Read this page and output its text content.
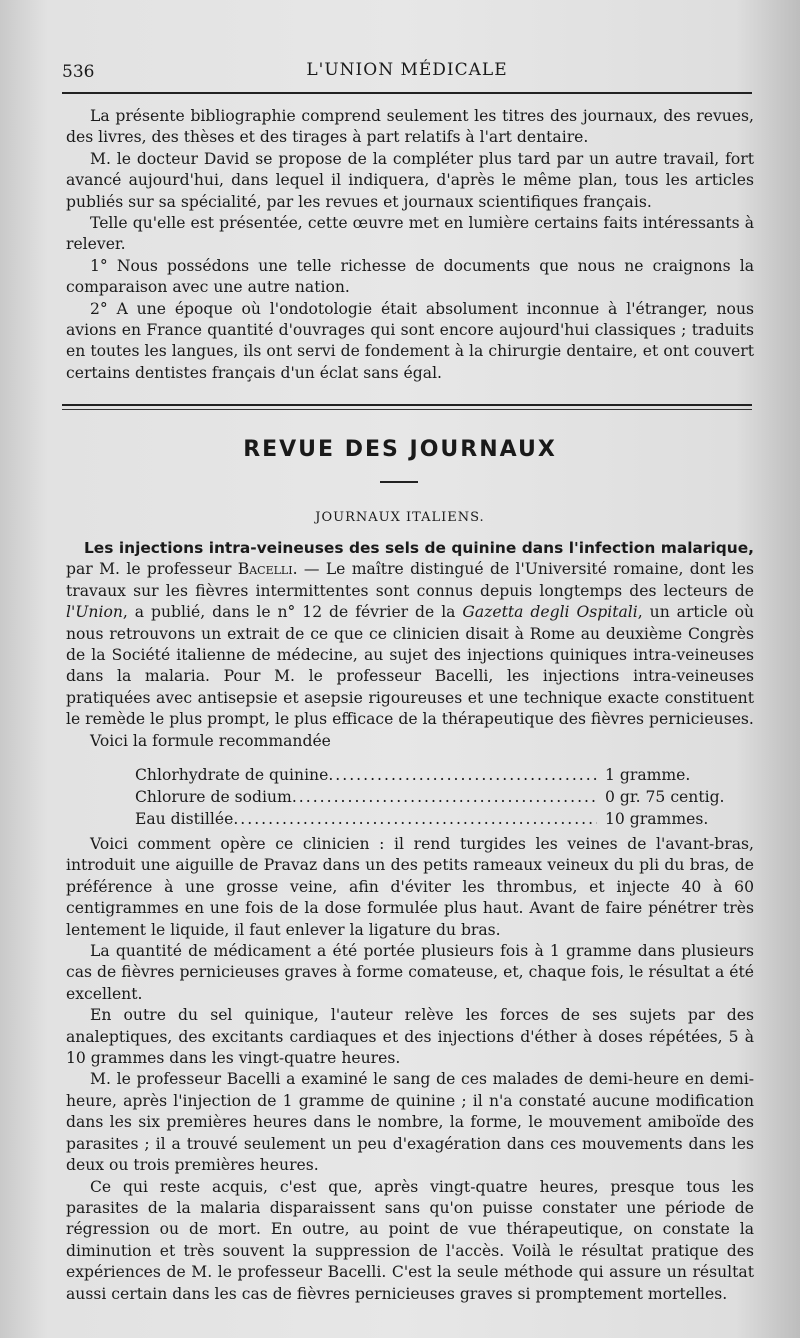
536	L'UNION MÉDICALE

La présente bibliographie comprend seulement les titres des journaux, des revues, des livres, des thèses et des tirages à part relatifs à l'art dentaire.

M. le docteur David se propose de la compléter plus tard par un autre travail, fort avancé aujourd'hui, dans lequel il indiquera, d'après le même plan, tous les articles publiés sur sa spécialité, par les revues et journaux scientifiques français.

Telle qu'elle est présentée, cette œuvre met en lumière certains faits intéressants à relever.

1° Nous possédons une telle richesse de documents que nous ne craignons la comparaison avec une autre nation.

2° A une époque où l'ondotologie était absolument inconnue à l'étranger, nous avions en France quantité d'ouvrages qui sont encore aujourd'hui classiques ; traduits en toutes les langues, ils ont servi de fondement à la chirurgie dentaire, et ont couvert certains dentistes français d'un éclat sans égal.

REVUE DES JOURNAUX
JOURNAUX ITALIENS.

Les injections intra-veineuses des sels de quinine dans l'infection malarique, par M. le professeur Bacelli. — Le maître distingué de l'Université romaine, dont les travaux sur les fièvres intermittentes sont connus depuis longtemps des lecteurs de l'Union, a publié, dans le n° 12 de février de la Gazetta degli Ospitali, un article où nous retrouvons un extrait de ce que ce clinicien disait à Rome au deuxième Congrès de la Société italienne de médecine, au sujet des injections quiniques intra-veineuses dans la malaria. Pour M. le professeur Bacelli, les injections intra-veineuses pratiquées avec antisepsie et asepsie rigoureuses et une technique exacte constituent le remède le plus prompt, le plus efficace de la thérapeutique des fièvres pernicieuses.

Voici la formule recommandée

Chlorhydrate de quinine .....	1 gramme.
Chlorure de sodium .....	0 gr. 75 centig.
Eau distillée .....	10 grammes.

Voici comment opère ce clinicien : il rend turgides les veines de l'avant-bras, introduit une aiguille de Pravaz dans un des petits rameaux veineux du pli du bras, de préférence à une grosse veine, afin d'éviter les thrombus, et injecte 40 à 60 centigrammes en une fois de la dose formulée plus haut. Avant de faire pénétrer très lentement le liquide, il faut enlever la ligature du bras.

La quantité de médicament a été portée plusieurs fois à 1 gramme dans plusieurs cas de fièvres pernicieuses graves à forme comateuse, et, chaque fois, le résultat a été excellent.

En outre du sel quinique, l'auteur relève les forces de ses sujets par des analeptiques, des excitants cardiaques et des injections d'éther à doses répétées, 5 à 10 grammes dans les vingt-quatre heures.

M. le professeur Bacelli a examiné le sang de ces malades de demi-heure en demi-heure, après l'injection de 1 gramme de quinine ; il n'a constaté aucune modification dans les six premières heures dans le nombre, la forme, le mouvement amiboïde des parasites ; il a trouvé seulement un peu d'exagération dans ces mouvements dans les deux ou trois premières heures.

Ce qui reste acquis, c'est que, après vingt-quatre heures, presque tous les parasites de la malaria disparaissent sans qu'on puisse constater une période de régression ou de mort. En outre, au point de vue thérapeutique, on constate la diminution et très souvent la suppression de l'accès. Voilà le résultat pratique des expériences de M. le professeur Bacelli. C'est la seule méthode qui assure un résultat aussi certain dans les cas de fièvres pernicieuses graves si promptement mortelles.
